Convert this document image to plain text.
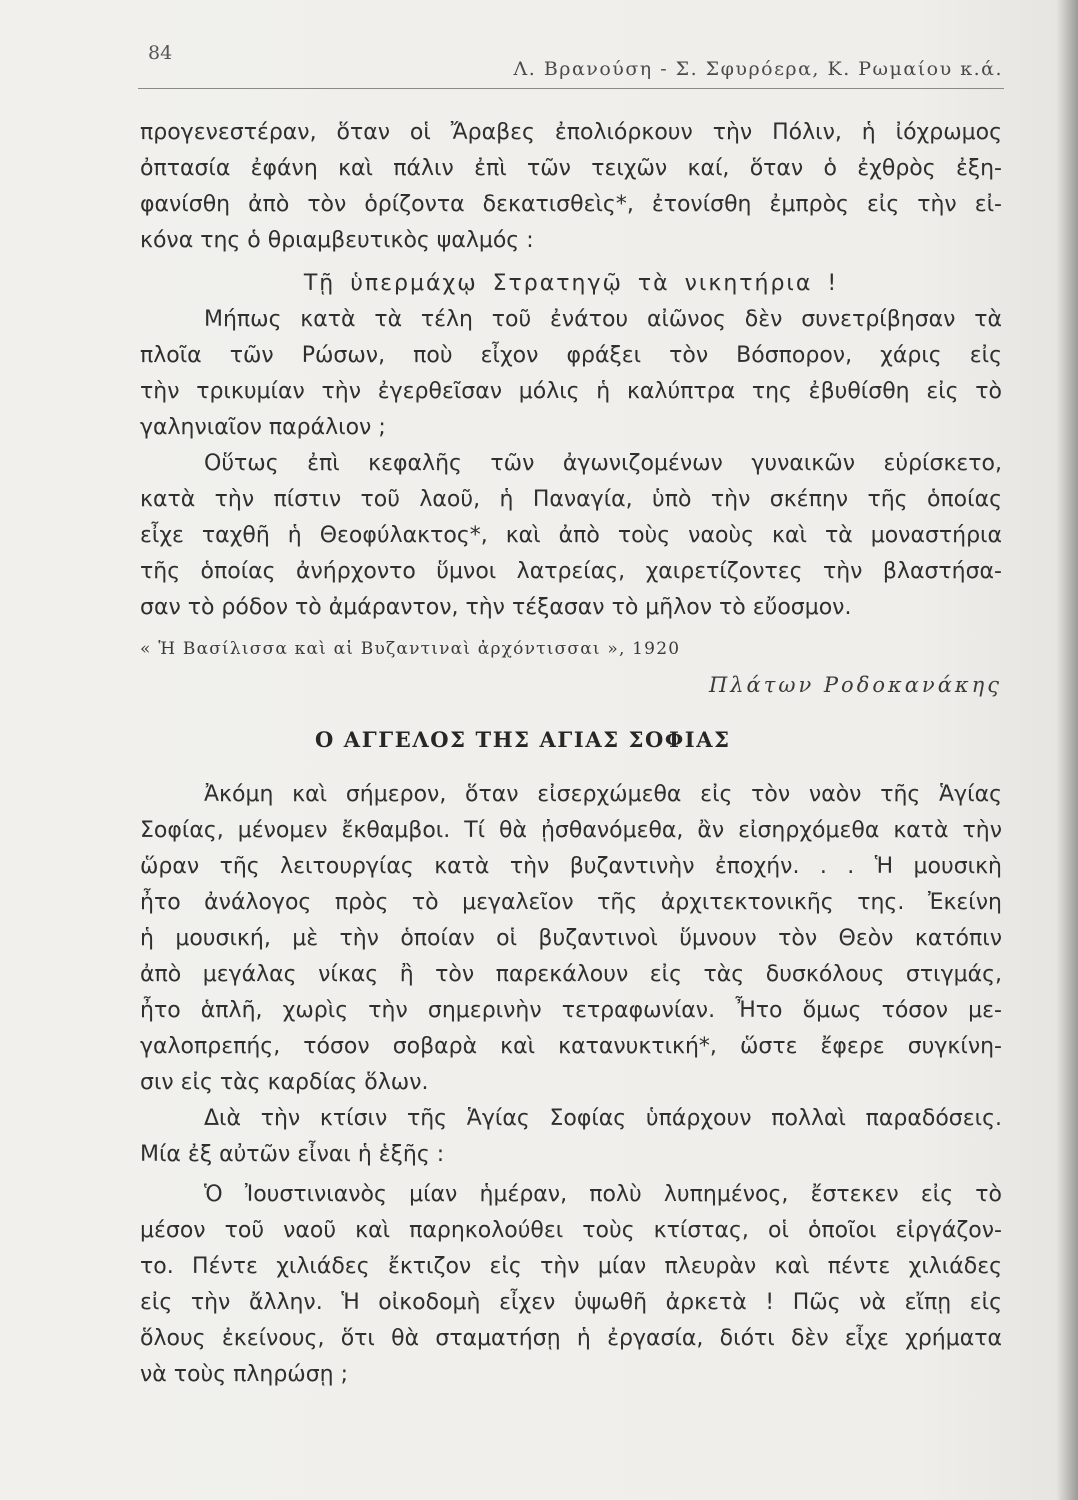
84
Λ. Βρανούση - Σ. Σφυρόερα, Κ. Ρωμαίου κ.ά.
προγενεστέραν, ὅταν οἱ Ἄραβες ἐπολιόρκουν τὴν Πόλιν, ἡ ἰόχρωμος
ὀπτασία ἐφάνη καὶ πάλιν ἐπὶ τῶν τειχῶν καί, ὅταν ὁ ἐχθρὸς ἐξη-
φανίσθη ἀπὸ τὸν ὁρίζοντα δεκατισθεὶς*, ἐτονίσθη ἐμπρὸς εἰς τὴν εἰ-
κόνα της ὁ θριαμβευτικὸς ψαλμός :
Τῇ ὑπερμάχῳ Στρατηγῷ τὰ νικητήρια !
Μήπως κατὰ τὰ τέλη τοῦ ἐνάτου αἰῶνος δὲν συνετρίβησαν τὰ
πλοῖα τῶν Ρώσων, ποὺ εἶχον φράξει τὸν Βόσπορον, χάρις εἰς
τὴν τρικυμίαν τὴν ἐγερθεῖσαν μόλις ἡ καλύπτρα της ἐβυθίσθη εἰς τὸ
γαληνιαῖον παράλιον ;
Οὕτως ἐπὶ κεφαλῆς τῶν ἀγωνιζομένων γυναικῶν εὑρίσκετο,
κατὰ τὴν πίστιν τοῦ λαοῦ, ἡ Παναγία, ὑπὸ τὴν σκέπην τῆς ὁποίας
εἶχε ταχθῆ ἡ Θεοφύλακτος*, καὶ ἀπὸ τοὺς ναοὺς καὶ τὰ μοναστήρια
τῆς ὁποίας ἀνήρχοντο ὕμνοι λατρείας, χαιρετίζοντες τὴν βλαστήσα-
σαν τὸ ρόδον τὸ ἀμάραντον, τὴν τέξασαν τὸ μῆλον τὸ εὔοσμον.
« Ἡ Βασίλισσα καὶ αἱ Βυζαντιναὶ ἀρχόντισσαι », 1920
Πλάτων Ροδοκανάκης
Ο ΑΓΓΕΛΟΣ ΤΗΣ ΑΓΙΑΣ ΣΟΦΙΑΣ
Ἀκόμη καὶ σήμερον, ὅταν εἰσερχώμεθα εἰς τὸν ναὸν τῆς Ἁγίας
Σοφίας, μένομεν ἔκθαμβοι. Τί θὰ ᾐσθανόμεθα, ἂν εἰσηρχόμεθα κατὰ τὴν
ὥραν τῆς λειτουργίας κατὰ τὴν βυζαντινὴν ἐποχήν. . . Ἡ μουσικὴ
ἦτο ἀνάλογος πρὸς τὸ μεγαλεῖον τῆς ἀρχιτεκτονικῆς της. Ἐκείνη
ἡ μουσική, μὲ τὴν ὁποίαν οἱ βυζαντινοὶ ὕμνουν τὸν Θεὸν κατόπιν
ἀπὸ μεγάλας νίκας ἢ τὸν παρεκάλουν εἰς τὰς δυσκόλους στιγμάς,
ἦτο ἁπλῆ, χωρὶς τὴν σημερινὴν τετραφωνίαν. Ἦτο ὅμως τόσον με-
γαλοπρεπής, τόσον σοβαρὰ καὶ κατανυκτική*, ὥστε ἔφερε συγκίνη-
σιν εἰς τὰς καρδίας ὅλων.
Διὰ τὴν κτίσιν τῆς Ἁγίας Σοφίας ὑπάρχουν πολλαὶ παραδόσεις.
Μία ἐξ αὐτῶν εἶναι ἡ ἑξῆς :
Ὁ Ἰουστινιανὸς μίαν ἡμέραν, πολὺ λυπημένος, ἔστεκεν εἰς τὸ
μέσον τοῦ ναοῦ καὶ παρηκολούθει τοὺς κτίστας, οἱ ὁποῖοι εἰργάζον-
το. Πέντε χιλιάδες ἔκτιζον εἰς τὴν μίαν πλευρὰν καὶ πέντε χιλιάδες
εἰς τὴν ἄλλην. Ἡ οἰκοδομὴ εἶχεν ὑψωθῆ ἀρκετὰ ! Πῶς νὰ εἴπῃ εἰς
ὅλους ἐκείνους, ὅτι θὰ σταματήσῃ ἡ ἐργασία, διότι δὲν εἶχε χρήματα
νὰ τοὺς πληρώσῃ ;
